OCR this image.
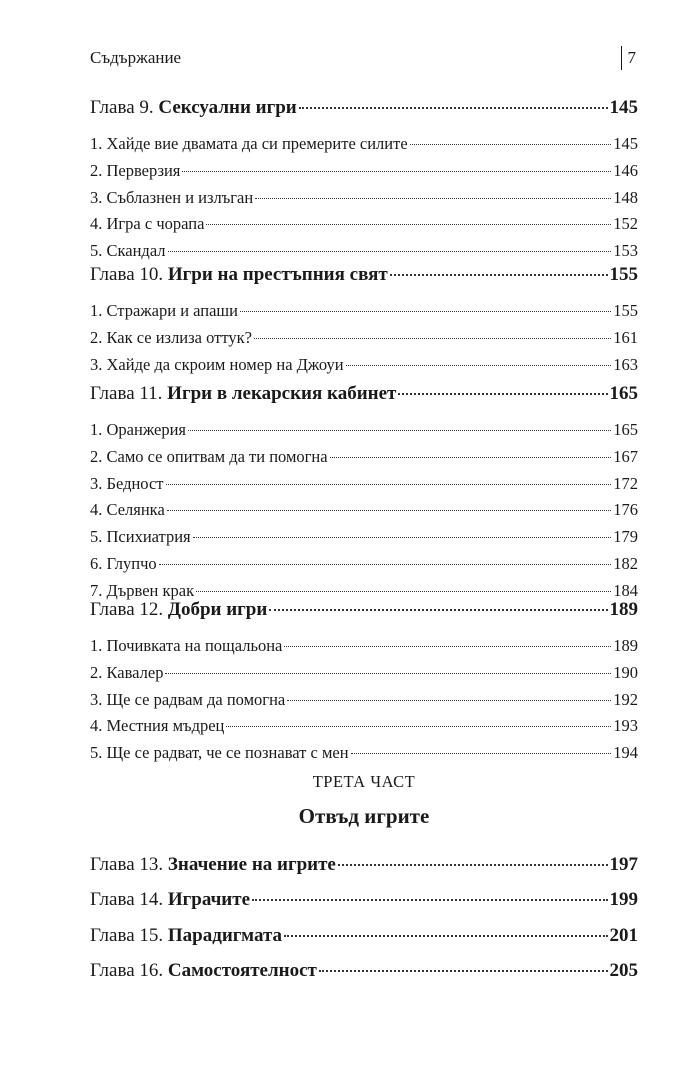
Съдържание	7
ТРЕТА ЧАСТ
Отвъд игрите
Глава 9. Сексуални игри	145
1. Хайде вие двамата да си премерите силите	145
2. Перверзия	146
3. Съблазнен и излъган	148
4. Игра с чорапа	152
5. Скандал	153
Глава 10. Игри на престъпния свят	155
1. Стражари и апаши	155
2. Как се излиза оттук?	161
3. Хайде да скроим номер на Джоуи	163
Глава 11. Игри в лекарския кабинет	165
1. Оранжерия	165
2. Само се опитвам да ти помогна	167
3. Бедност	172
4. Селянка	176
5. Психиатрия	179
6. Глупчо	182
7. Дървен крак	184
Глава 12. Добри игри	189
1. Почивката на пощальона	189
2. Кавалер	190
3. Ще се радвам да помогна	192
4. Местния мъдрец	193
5. Ще се радват, че се познават с мен	194
Глава 13. Значение на игрите	197
Глава 14. Играчите	199
Глава 15. Парадигмата	201
Глава 16. Самостоятелност	205
